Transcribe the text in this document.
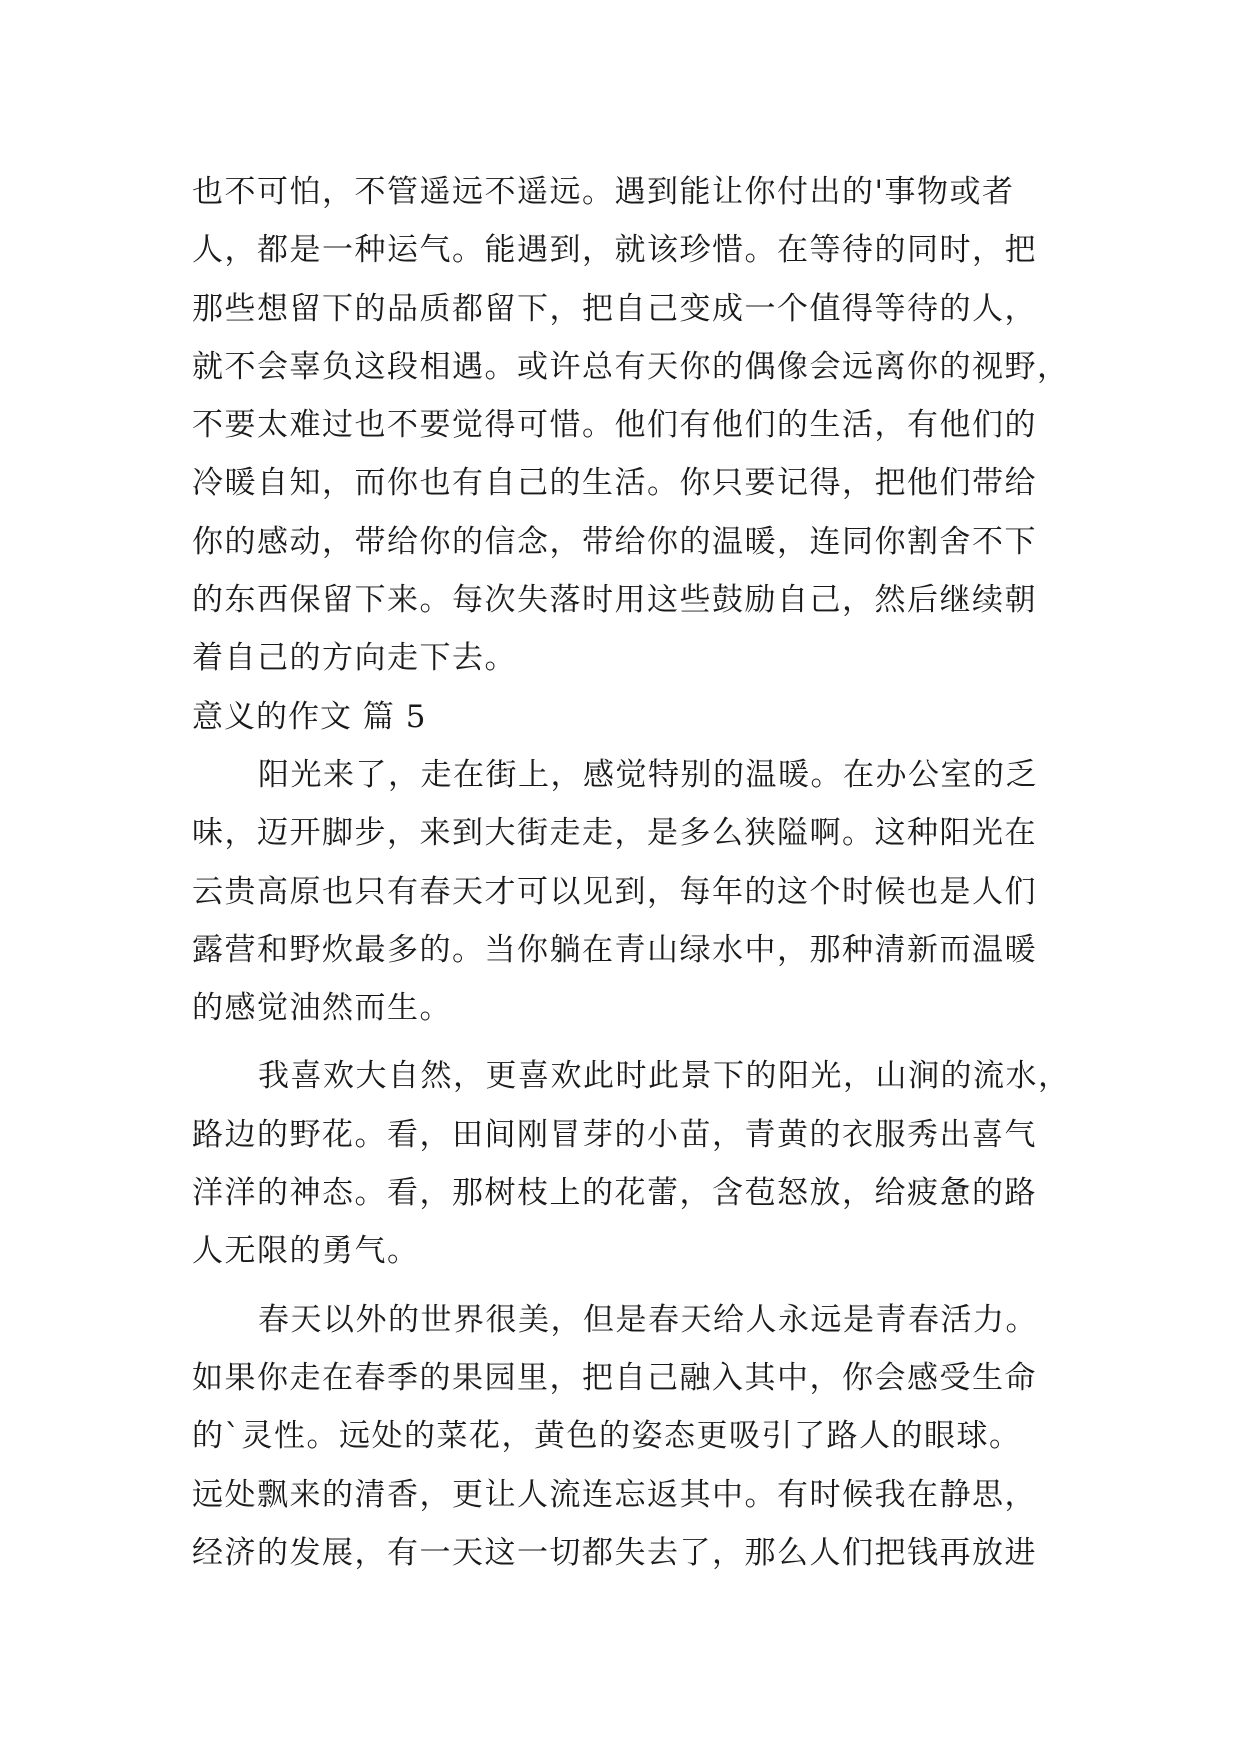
也不可怕，不管遥远不遥远。遇到能让你付出的'事物或者
人，都是一种运气。能遇到，就该珍惜。在等待的同时，把
那些想留下的品质都留下，把自己变成一个值得等待的人，
就不会辜负这段相遇。或许总有天你的偶像会远离你的视野，
不要太难过也不要觉得可惜。他们有他们的生活，有他们的
冷暖自知，而你也有自己的生活。你只要记得，把他们带给
你的感动，带给你的信念，带给你的温暖，连同你割舍不下
的东西保留下来。每次失落时用这些鼓励自己，然后继续朝
着自己的方向走下去。
意义的作文 篇 5
阳光来了，走在街上，感觉特别的温暖。在办公室的乏
味，迈开脚步，来到大街走走，是多么狭隘啊。这种阳光在
云贵高原也只有春天才可以见到，每年的这个时候也是人们
露营和野炊最多的。当你躺在青山绿水中，那种清新而温暖
的感觉油然而生。
我喜欢大自然，更喜欢此时此景下的阳光，山涧的流水，
路边的野花。看，田间刚冒芽的小苗，青黄的衣服秀出喜气
洋洋的神态。看，那树枝上的花蕾，含苞怒放，给疲惫的路
人无限的勇气。
春天以外的世界很美，但是春天给人永远是青春活力。
如果你走在春季的果园里，把自己融入其中，你会感受生命
的`灵性。远处的菜花，黄色的姿态更吸引了路人的眼球。
远处飘来的清香，更让人流连忘返其中。有时候我在静思，
经济的发展，有一天这一切都失去了，那么人们把钱再放进
